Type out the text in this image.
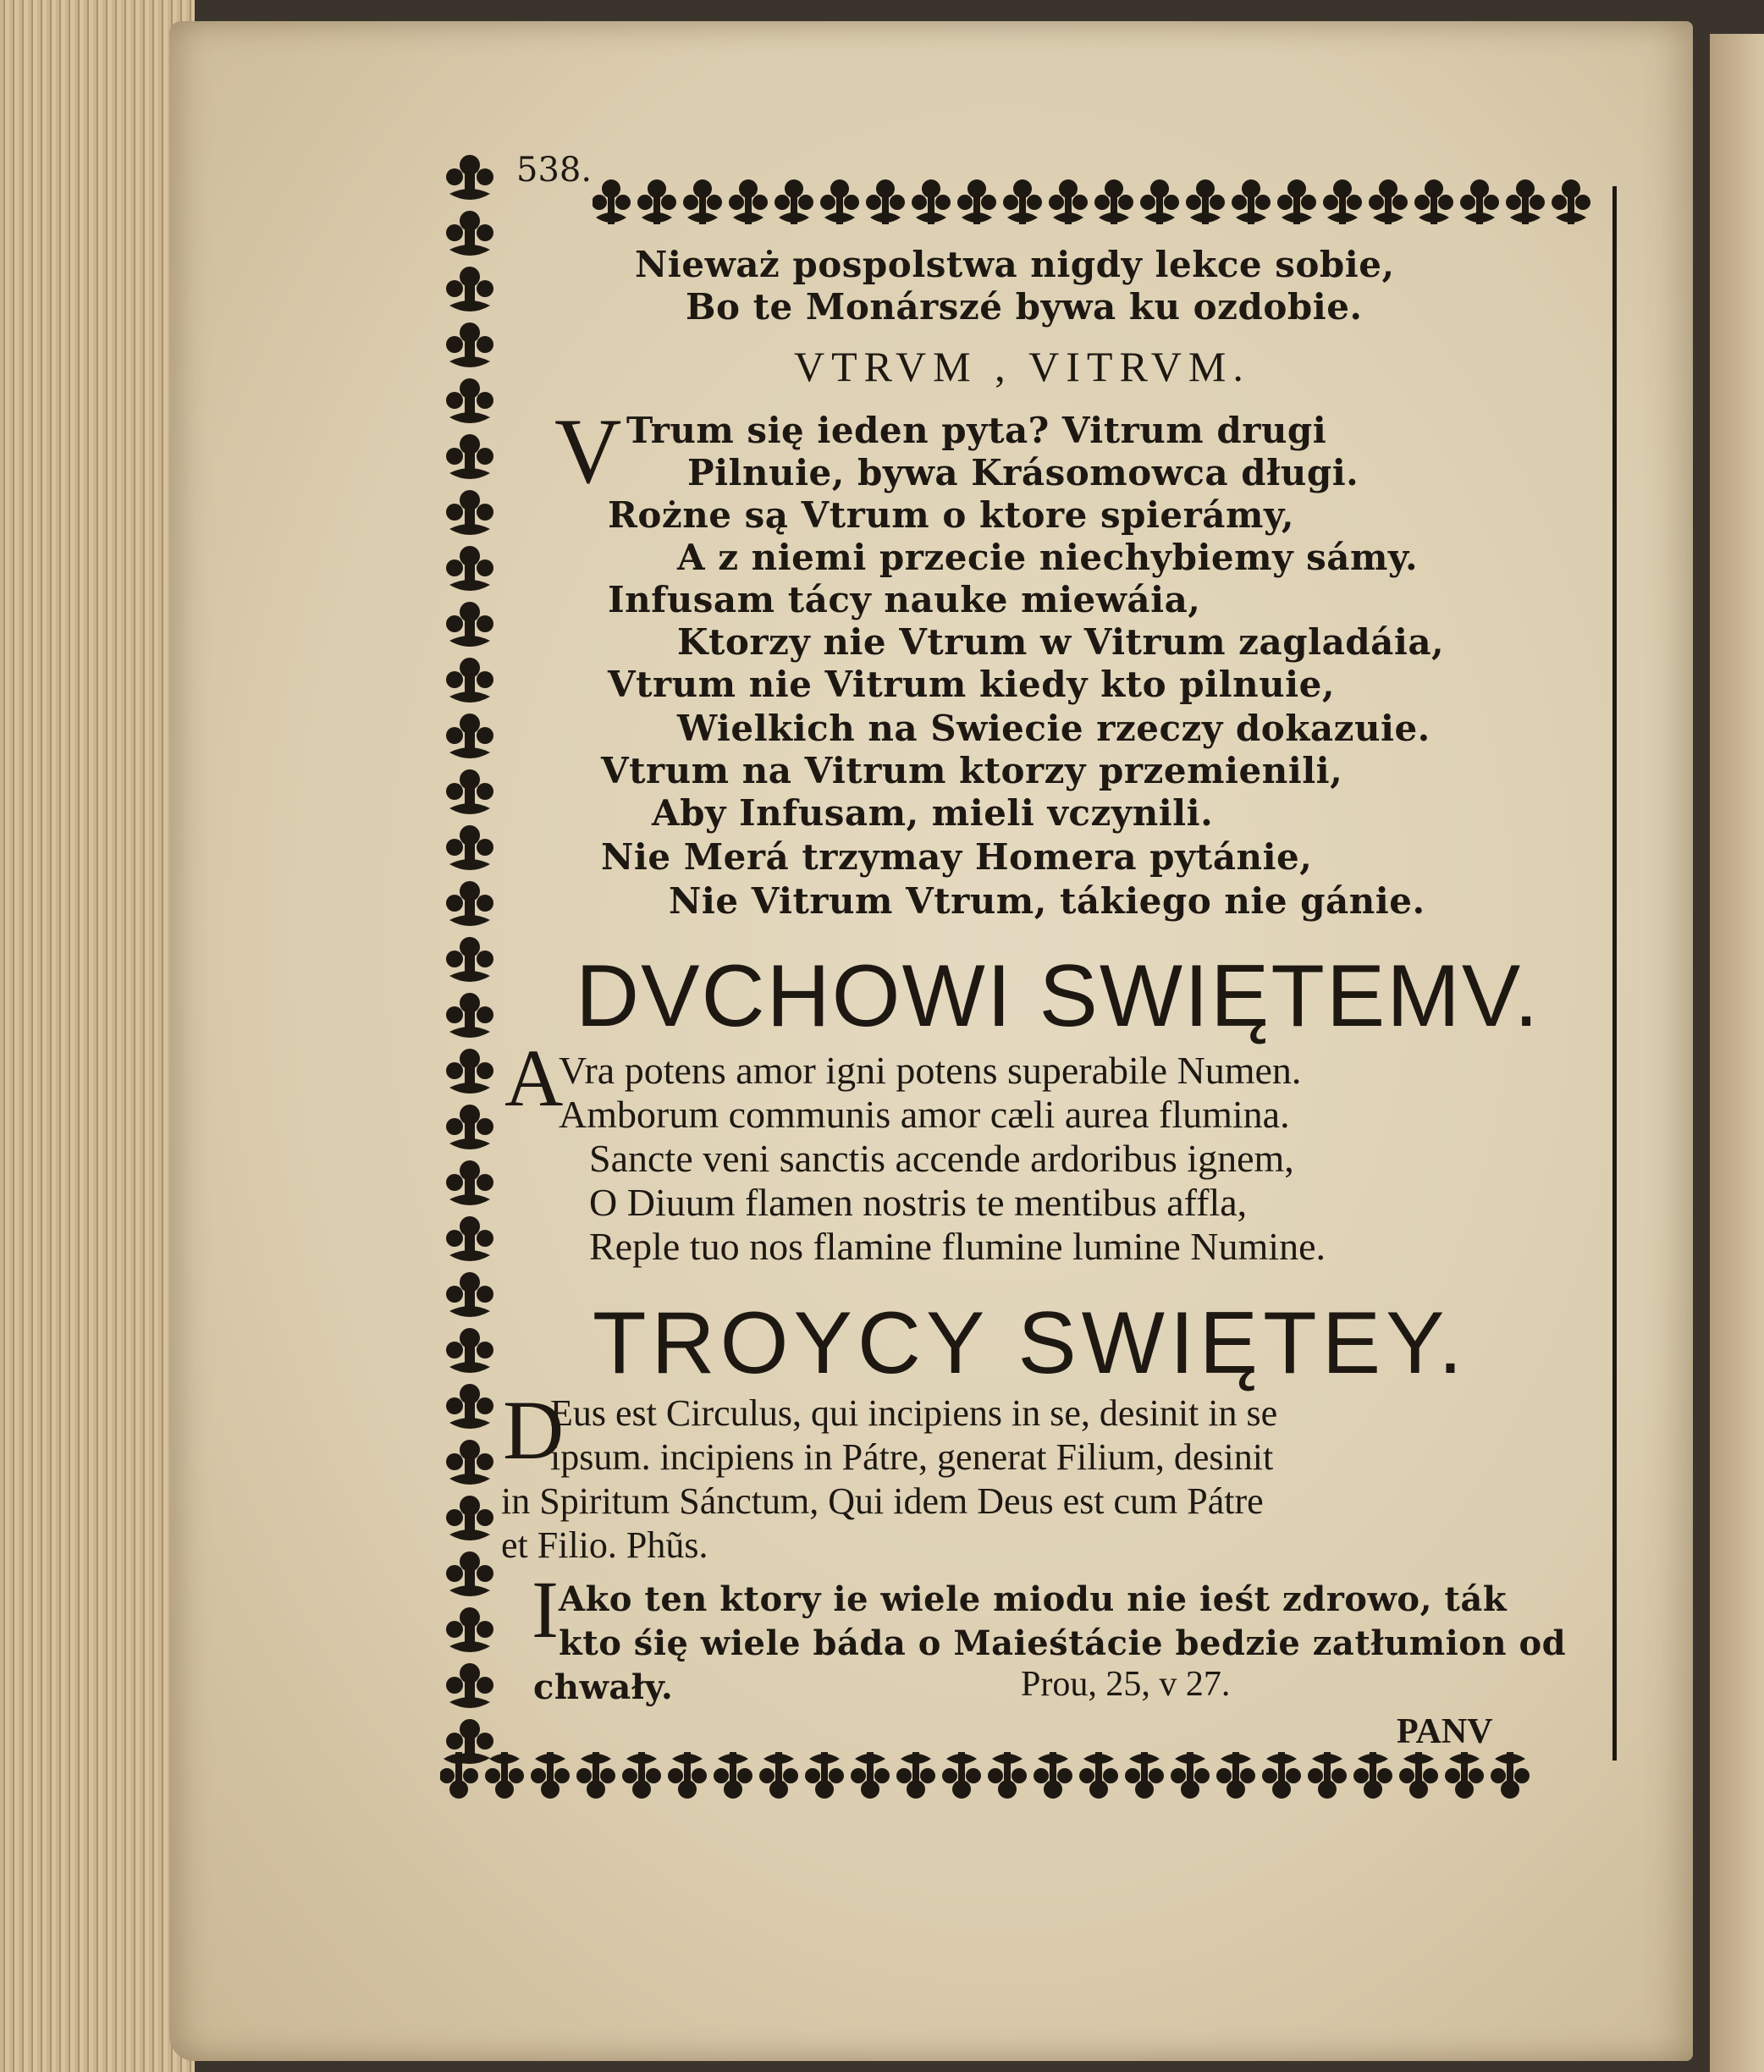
538.
Nieważ pospolstwa nigdy lekce sobie,
Bo te Monárszé bywa ku ozdobie.
VTRVM , VITRVM.
V Trum się ieden pyta? Vitrum drugi
Pilnuie, bywa Krásomowca długi.
Rożne są Vtrum o ktore spierámy,
A z niemi przecie niechybiemy sámy.
Infusam tácy nauke miewáia,
Ktorzy nie Vtrum w Vitrum zagladáia,
Vtrum nie Vitrum kiedy kto pilnuie,
Wielkich na Swiecie rzeczy dokazuie.
Vtrum na Vitrum ktorzy przemienili,
Aby Infusam, mieli vczynili.
Nie Merá trzymay Homera pytánie,
Nie Vitrum Vtrum, tákiego nie gánie.
DVCHOWI SWIĘTEMV.
A
Vra potens amor igni potens superabile Numen.
Amborum communis amor cæli aurea flumina.
Sancte veni sanctis accende ardoribus ignem,
O Diuum flamen nostris te mentibus affla,
Reple tuo nos flamine flumine lumine Numine.
TROYCY SWIĘTEY.
D
Eus est Circulus, qui incipiens in se, desinit in se
ipsum. incipiens in Pátre, generat Filium, desinit
in Spiritum Sánctum, Qui idem Deus est cum Pátre
et Filio. Phũs.
I Ako ten ktory ie wiele miodu nie ieśt zdrowo, ták
kto śię wiele báda o Maieśtácie bedzie zatłumion od
chwały.	Prou, 25, v 27.
PANV
